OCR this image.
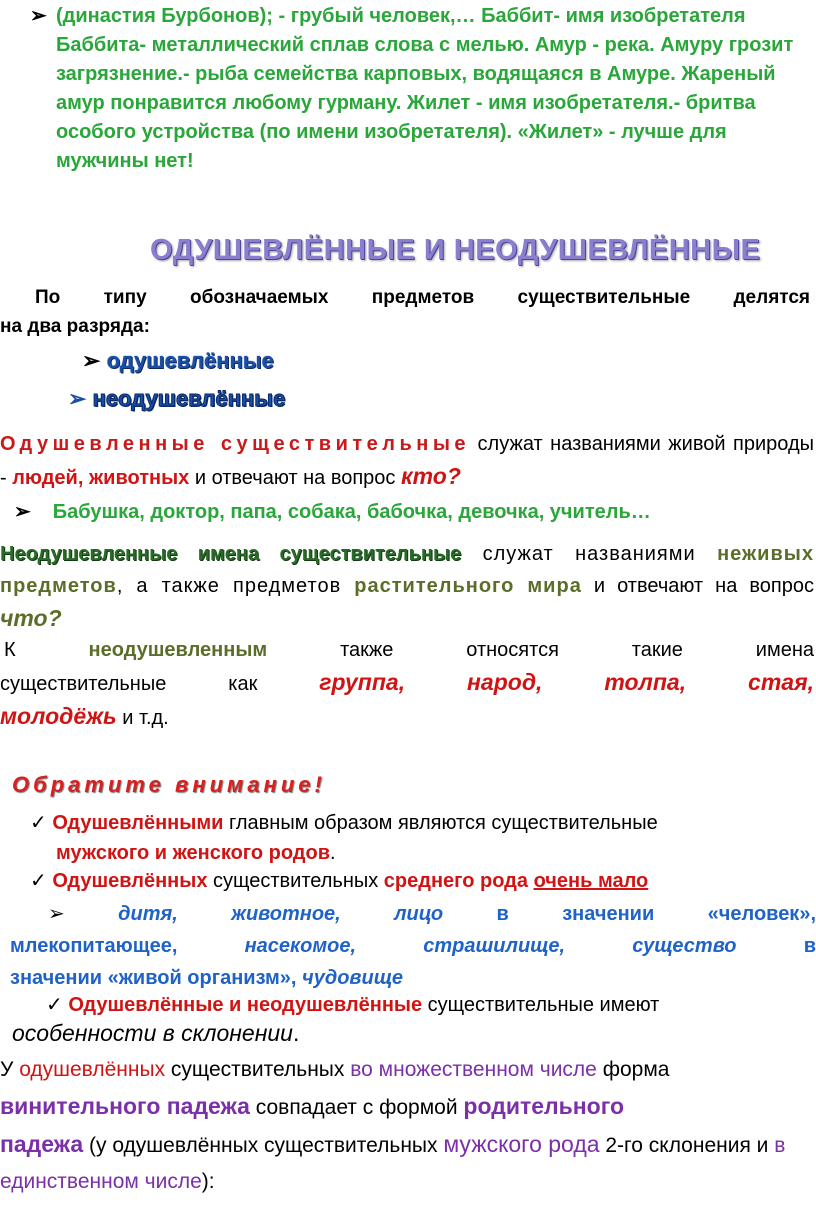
➢ (династия Бурбонов); - грубый человек,… Баббит- имя изобретателя Баббита- металлический сплав слова с мелью. Амур - река. Амуру грозит загрязнение.- рыба семейства карповых, водящаяся в Амуре. Жареный амур понравится любому гурману. Жилет - имя изобретателя.- бритва особого устройства (по имени изобретателя). «Жилет» - лучше для мужчины нет!
ОДУШЕВЛЁННЫЕ И НЕОДУШЕВЛЁННЫЕ
По типу обозначаемых предметов существительные делятся
на два разряда:
➢ одушевлённые
➢ неодушевлённые
Одушевленные существительные служат названиями живой природы - людей, животных и отвечают на вопрос кто?
➢ Бабушка, доктор, папа, собака, бабочка, девочка, учитель…
Неодушевленные имена существительные служат названиями неживых предметов, а также предметов растительного мира и отвечают на вопрос что?
К	неодушевленным	также	относятся	такие	имена
существительные	как	группа,	народ,	толпа,	стая,
молодёжь и т.д.
Обратите внимание!
✓ Одушевлёнными главным образом являются существительные
мужского и женского родов.
✓ Одушевлённых существительных среднего рода очень мало
➢	дитя,	животное,	лицо	в	значении	«человек»,
млекопитающее,	насекомое,	страшилище,	существо	в
значении «живой организм», чудовище
✓ Одушевлённые и неодушевлённые существительные имеют
особенности в склонении.
У одушевлённых существительных во множественном числе форма
винительного падежа совпадает с формой родительного
падежа (у одушевлённых существительных мужского рода 2-го склонения и в единственном числе):
